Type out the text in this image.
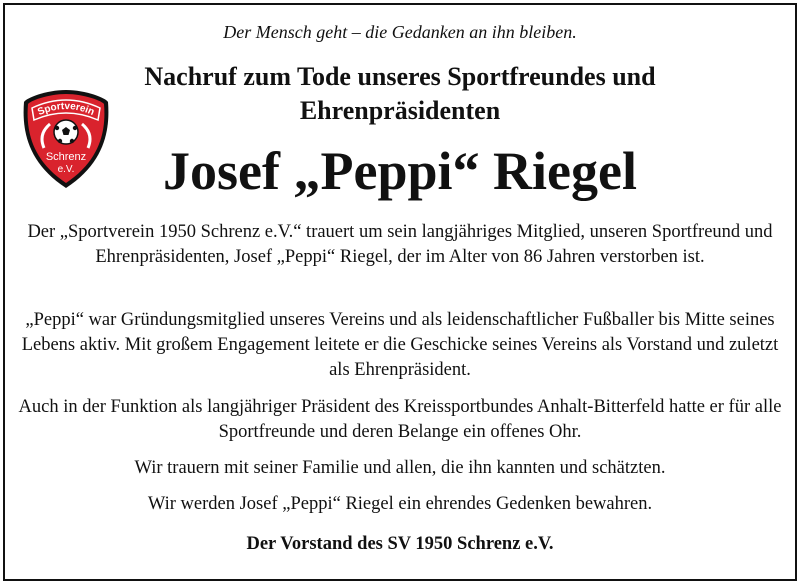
Der Mensch geht – die Gedanken an ihn bleiben.
Nachruf zum Tode unseres Sportfreundes und
Ehrenpräsidenten
Josef „Peppi“ Riegel
Sportverein
Schrenz
e.V.
Der „Sportverein 1950 Schrenz e.V.“ trauert um sein langjähriges Mitglied, unseren Sportfreund und Ehrenpräsidenten, Josef „Peppi“ Riegel, der im Alter von 86 Jahren verstorben ist.
„Peppi“ war Gründungsmitglied unseres Vereins und als leidenschaftlicher Fußballer bis Mitte seines Lebens aktiv. Mit großem Engagement leitete er die Geschicke seines Vereins als Vorstand und zuletzt als Ehrenpräsident.
Auch in der Funktion als langjähriger Präsident des Kreissportbundes Anhalt-Bitterfeld hatte er für alle Sportfreunde und deren Belange ein offenes Ohr.
Wir trauern mit seiner Familie und allen, die ihn kannten und schätzten.
Wir werden Josef „Peppi“ Riegel ein ehrendes Gedenken bewahren.
Der Vorstand des SV 1950 Schrenz e.V.
